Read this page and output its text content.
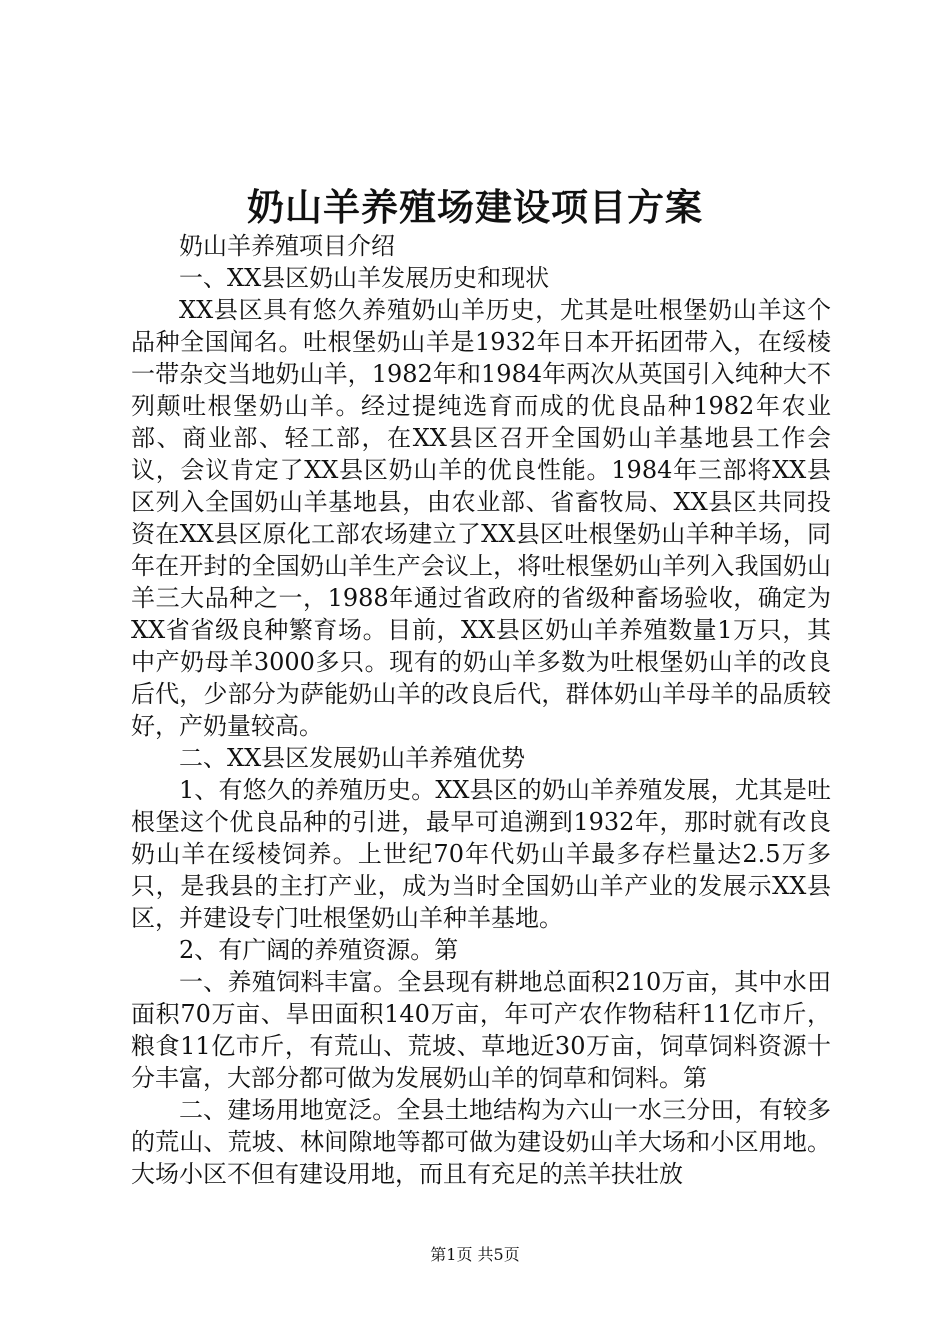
奶山羊养殖场建设项目方案

奶山羊养殖项目介绍

一、XX县区奶山羊发展历史和现状

XX县区具有悠久养殖奶山羊历史，尤其是吐根堡奶山羊这个品种全国闻名。吐根堡奶山羊是1932年日本开拓团带入，在绥棱一带杂交当地奶山羊，1982年和1984年两次从英国引入纯种大不列颠吐根堡奶山羊。经过提纯选育而成的优良品种1982年农业部、商业部、轻工部，在XX县区召开全国奶山羊基地县工作会议，会议肯定了XX县区奶山羊的优良性能。1984年三部将XX县区列入全国奶山羊基地县，由农业部、省畜牧局、XX县区共同投资在XX县区原化工部农场建立了XX县区吐根堡奶山羊种羊场，同年在开封的全国奶山羊生产会议上，将吐根堡奶山羊列入我国奶山羊三大品种之一，1988年通过省政府的省级种畜场验收，确定为XX省省级良种繁育场。目前，XX县区奶山羊养殖数量1万只，其中产奶母羊3000多只。现有的奶山羊多数为吐根堡奶山羊的改良后代，少部分为萨能奶山羊的改良后代，群体奶山羊母羊的品质较好，产奶量较高。

二、XX县区发展奶山羊养殖优势

1、有悠久的养殖历史。XX县区的奶山羊养殖发展，尤其是吐根堡这个优良品种的引进，最早可追溯到1932年，那时就有改良奶山羊在绥棱饲养。上世纪70年代奶山羊最多存栏量达2.5万多只，是我县的主打产业，成为当时全国奶山羊产业的发展示XX县区，并建设专门吐根堡奶山羊种羊基地。

2、有广阔的养殖资源。第

一、养殖饲料丰富。全县现有耕地总面积210万亩，其中水田面积70万亩、旱田面积140万亩，年可产农作物秸秆11亿市斤，粮食11亿市斤，有荒山、荒坡、草地近30万亩，饲草饲料资源十分丰富，大部分都可做为发展奶山羊的饲草和饲料。第

二、建场用地宽泛。全县土地结构为六山一水三分田，有较多的荒山、荒坡、林间隙地等都可做为建设奶山羊大场和小区用地。大场小区不但有建设用地，而且有充足的羔羊扶壮放

第1页 共5页
